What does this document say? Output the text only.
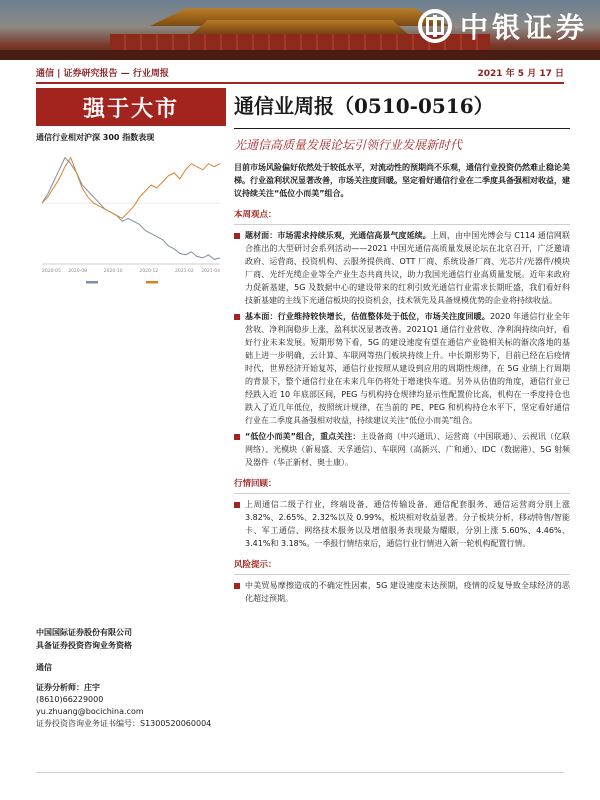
中银证券
通信 | 证券研究报告 — 行业周报	2021 年 5 月 17 日
强于大市
通信行业相对沪深 300 指数表现
2020-05 2020-08	2020-10	2020-12	2021-02 2021-04
中国国际证券股份有限公司
具备证券投资咨询业务资格
通信
证券分析师：庄宇
(8610)66229000
yu.zhuang@bocichina.com
证券投资咨询业务证书编号：S1300520060004
通信业周报（0510-0516）
光通信高质量发展论坛引领行业发展新时代
目前市场风险偏好依然处于较低水平，对流动性的预期尚不乐观，通信行业投资仍然难止稳论美梯。行业盈利状况显著改善，市场关注度回暖。坚定看好通信行业在二季度具备强相对收益，建议持续关注“低位小而美”组合。
本周观点：
题材面：市场需求持续乐观，光通信高景气度延续。上周，由中国光博会与 C114 通信网联合推出的大型研讨会系列活动——2021 中国光通信高质量发展论坛在北京召开，广泛邀请政府、运营商、投资机构、云服务提供商、OTT 厂商、系统设备厂商、光芯片/光器件/模块厂商、光纤光缆企业等全产业生态共商共议，助力我国光通信行业高质量发展。近年来政府力促新基建，5G 及数据中心的建设带来的红利引致光通信行业需求长期旺盛，我们看好科技新基建的主线下光通信板块的投资机会，技术领先及具备规模优势的企业将持续收益。
基本面：行业维持较快增长，估值整体处于低位，市场关注度回暖。2020 年通信行业全年营收、净利润稳步上涨，盈利状况显著改善。2021Q1 通信行业营收、净利润持续向好，看好行业未来发展。短期形势下看，5G 的建设速度有望在通信产业链相关标的渐次落地的基础上进一步明确，云计算、车联网等热门板块持续上升。中长期形势下，目前已经在后疫情时代，世界经济开始复苏，通信行业按照从建设到应用的周期性规律，在 5G 业绩上行周期的背景下，整个通信行业在未来几年仍将处于增速快车道。另外从估值的角度，通信行业已经跌入近 10 年底部区间，PEG 与机构持仓规律均显示性配置价比高，机构在一季度持仓也跌入了近几年低位，按照统计规律，在当前的 PE、PEG 和机构持仓水平下，坚定看好通信行业在二季度具备强相对收益，持续建议关注“低位小而美”组合。
“低位小而美”组合，重点关注：主设备商（中兴通讯）、运营商（中国联通）、云视讯（亿联网络）、光模块（新易盛、天孚通信）、车联网（高新兴、广和通）、IDC（数据港）、5G 射频及器件（华正新材、奥士康）。
行情回顾：
上周通信二级子行业，终端设备、通信传输设备、通信配套服务、通信运营商分别上涨 3.82%、2.65%、2.32%以及 0.99%，板块相对收益显著。分子板块分析，移动特售/智能卡、军工通信、网络技术服务以及增值服务表现最为耀眼，分别上涨 5.60%、4.46%、3.41%和 3.18%。一季报行情结束后，通信行业行情进入新一轮机构配置行情。
风险提示：
中美贸易摩擦造成的不确定性因素，5G 建设速度未达预期，疫情的反复导致全球经济的恶化超过预期。
